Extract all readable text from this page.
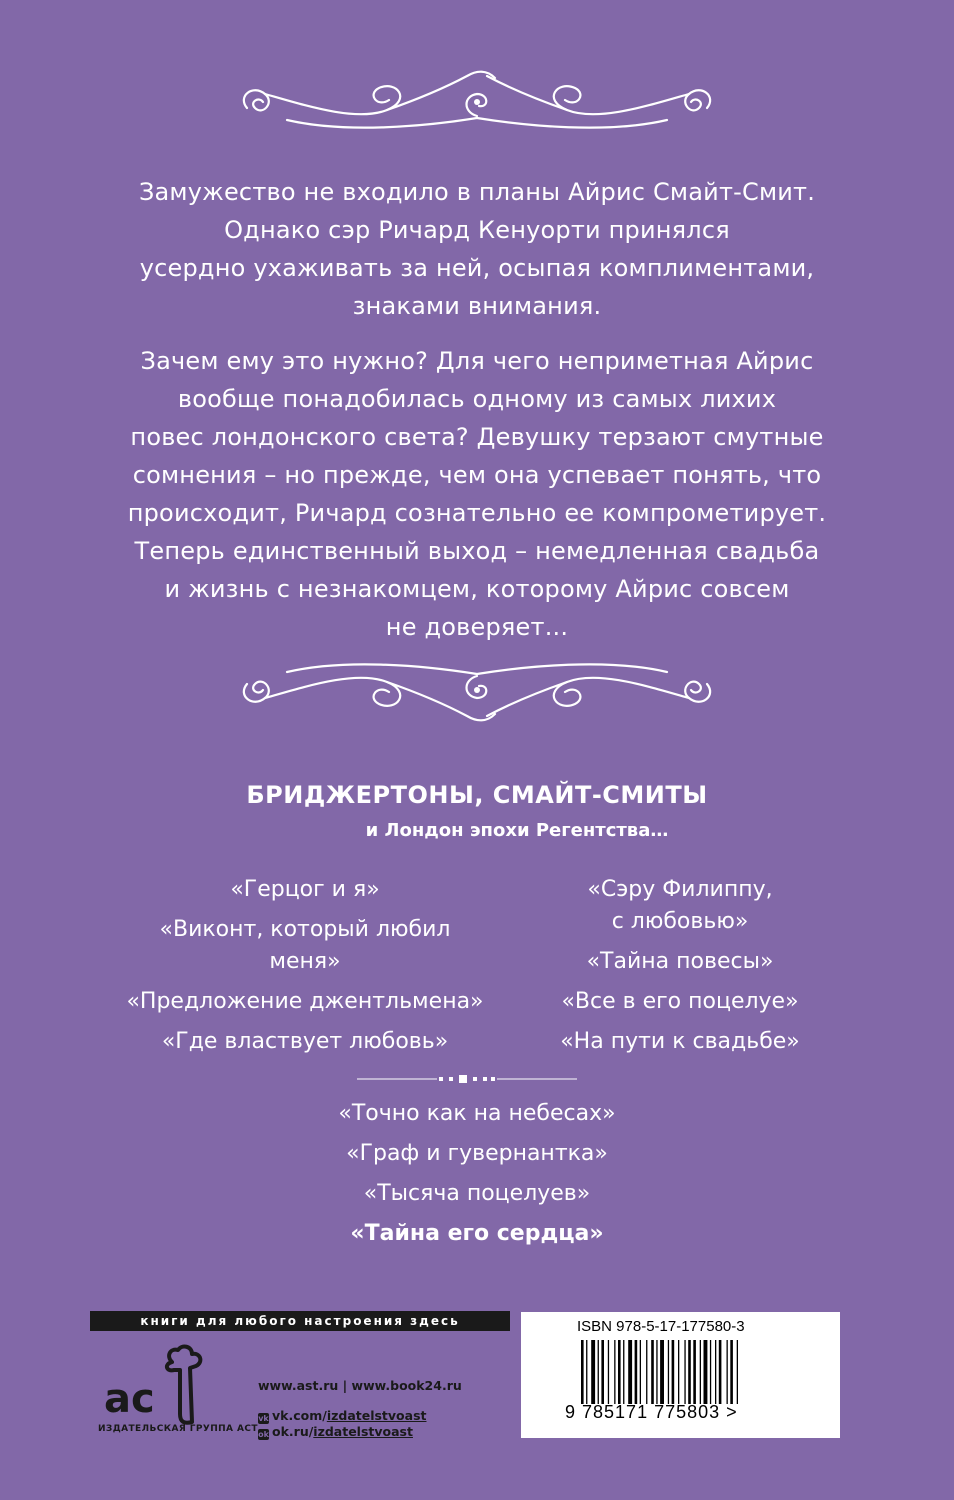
Замужество не входило в планы Айрис Смайт-Смит.
Однако сэр Ричард Кенуорти принялся
усердно ухаживать за ней, осыпая комплиментами,
знаками внимания.
Зачем ему это нужно? Для чего неприметная Айрис
вообще понадобилась одному из самых лихих
повес лондонского света? Девушку терзают смутные
сомнения – но прежде, чем она успевает понять, что
происходит, Ричард сознательно ее компрометирует.
Теперь единственный выход – немедленная свадьба
и жизнь с незнакомцем, которому Айрис совсем
не доверяет...
БРИДЖЕРТОНЫ, СМАЙТ-СМИТЫ
и Лондон эпохи Регентства…
«Герцог и я»
«Виконт, который любил
меня»
«Предложение джентльмена»
«Где властвует любовь»
«Сэру Филиппу,
с любовью»
«Тайна повесы»
«Все в его поцелуе»
«На пути к свадьбе»
«Точно как на небесах»
«Граф и гувернантка»
«Тысяча поцелуев»
«Тайна его сердца»
книги для любого настроения здесь
ac
ИЗДАТЕЛЬСКАЯ ГРУППА АСТ
www.ast.ru | www.book24.ru
vk vk.com/izdatelstvoast
ok ok.ru/izdatelstvoast
ISBN 978-5-17-177580-3
9 785171 775803 >
